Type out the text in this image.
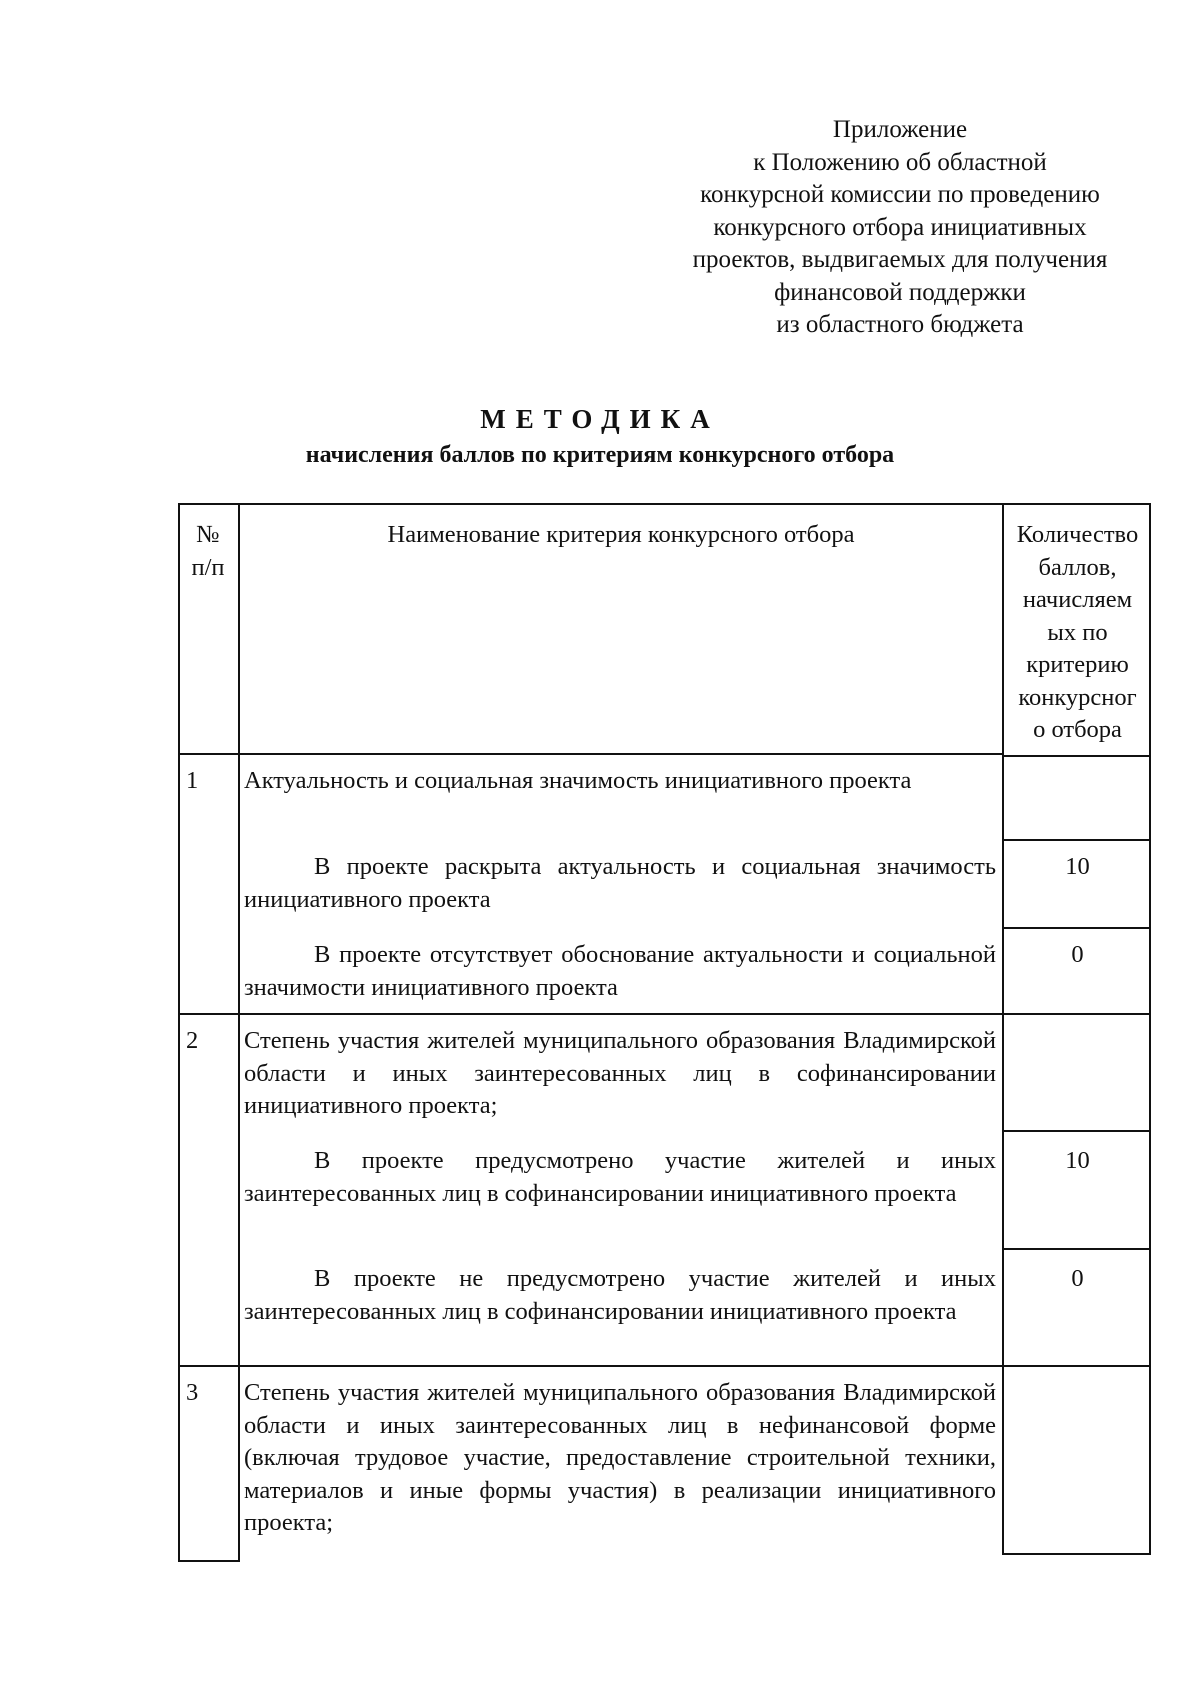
Приложение
к Положению об областной
конкурсной комиссии по проведению
конкурсного отбора инициативных
проектов, выдвигаемых для получения
финансовой поддержки
из областного бюджета
МЕТОДИКА
начисления баллов по критериям конкурсного отбора
№
п/п
Наименование критерия конкурсного отбора	Количество
баллов,
начисляем
ых по
критерию
конкурсног
о отбора
1 Актуальность и социальная значимость инициативного проекта
В проекте раскрыта актуальность и социальная значимость инициативного проекта
10
В проекте отсутствует обоснование актуальности и социальной значимости инициативного проекта
0
2 Степень участия жителей муниципального образования Владимирской области и иных заинтересованных лиц в софинансировании инициативного проекта;
В проекте предусмотрено участие жителей и иных заинтересованных лиц в софинансировании инициативного проекта
10
В проекте не предусмотрено участие жителей и иных заинтересованных лиц в софинансировании инициативного проекта
0
3 Степень участия жителей муниципального образования Владимирской области и иных заинтересованных лиц в нефинансовой форме (включая трудовое участие, предоставление строительной техники, материалов и иные формы участия) в реализации инициативного проекта;
